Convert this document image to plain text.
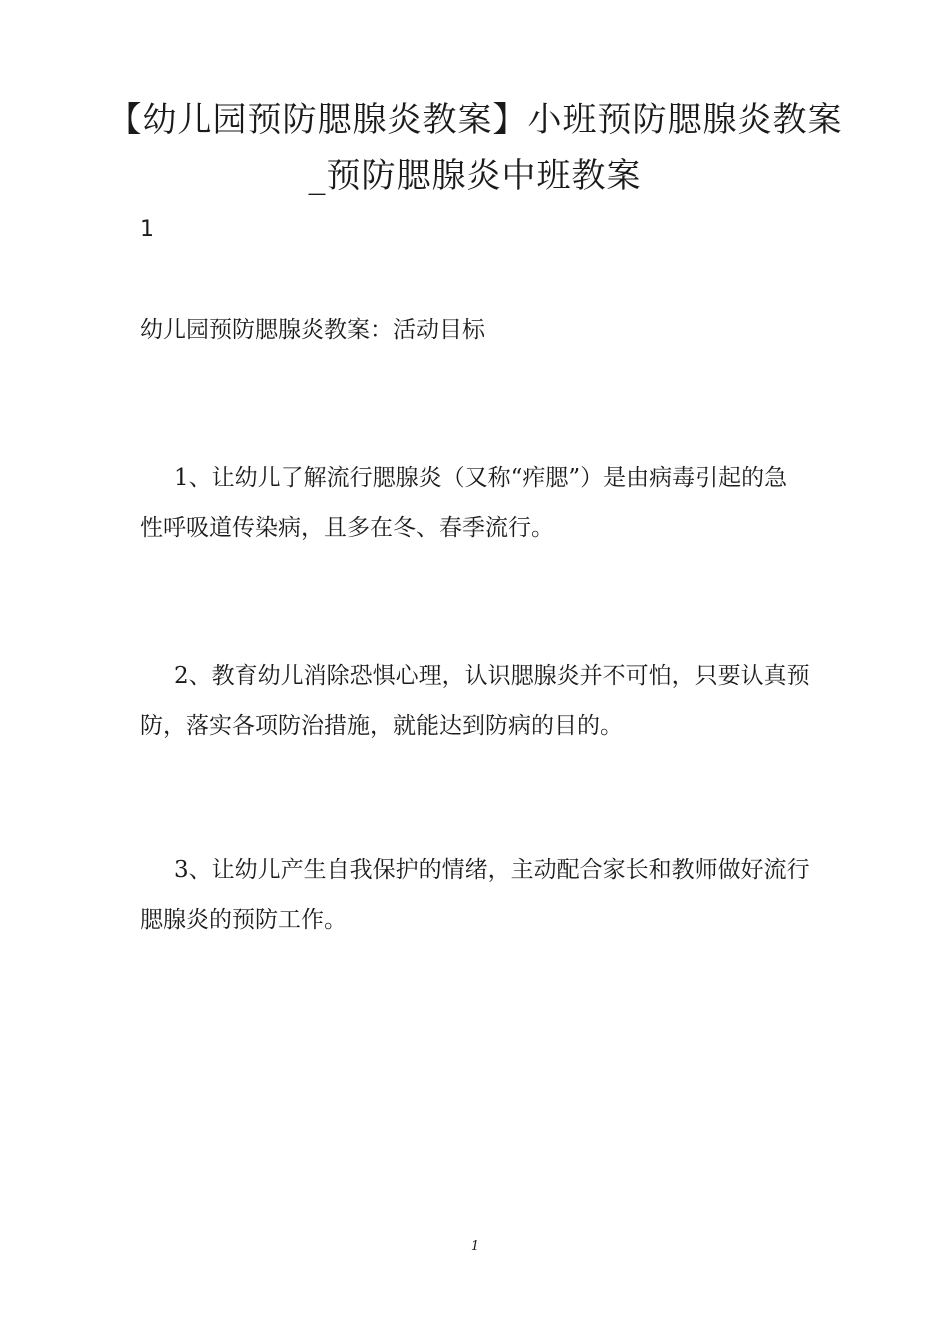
【幼儿园预防腮腺炎教案】小班预防腮腺炎教案_预防腮腺炎中班教案
1
幼儿园预防腮腺炎教案：活动目标

1、让幼儿了解流行腮腺炎（又称“痄腮”）是由病毒引起的急性呼吸道传染病，且多在冬、春季流行。

2、教育幼儿消除恐惧心理，认识腮腺炎并不可怕，只要认真预防，落实各项防治措施，就能达到防病的目的。

3、让幼儿产生自我保护的情绪，主动配合家长和教师做好流行腮腺炎的预防工作。

1
